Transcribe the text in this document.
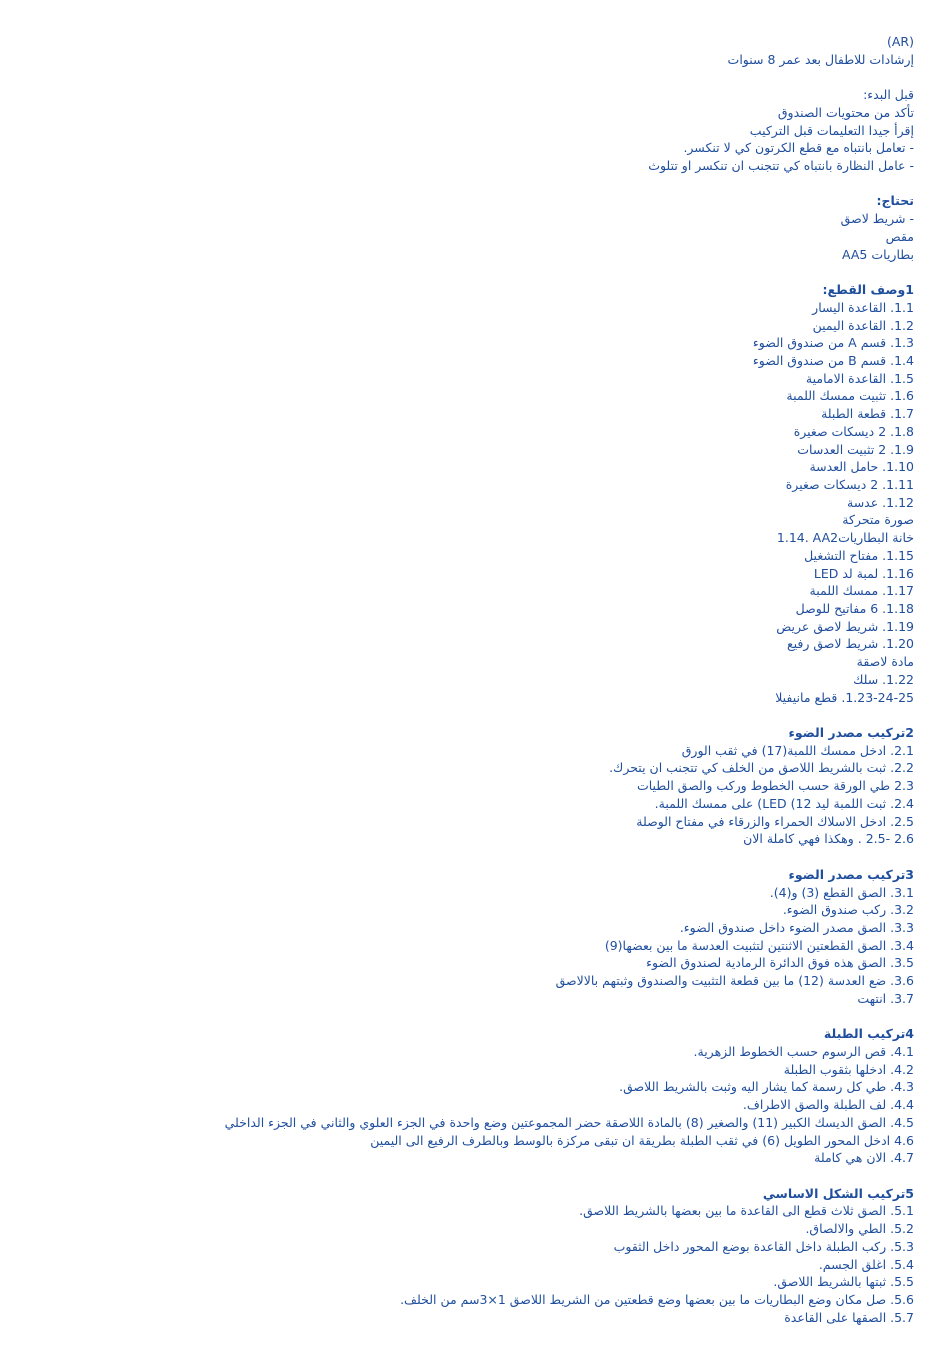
(AR)
إرشادات للاطفال بعد عمر 8 سنوات
قبل البدء:
تأكد من محتويات الصندوق
إقرأ جيدا التعليمات قبل التركيب
- تعامل بانتباه مع قطع الكرتون كي لا تنكسر.
- عامل النظارة بانتباه كي تتجنب ان تنكسر او تتلوث
تحتاج:
- شريط لاصق
مقص
بطاريات AA5
1وصف القطع:
1.1. القاعدة اليسار
1.2. القاعدة اليمين
1.3. قسم A من صندوق الضوء
1.4. قسم B من صندوق الضوء
1.5. القاعدة الامامية
1.6. تثبيت ممسك اللمبة
1.7. قطعة الطبلة
1.8. 2 ديسكات صغيرة
1.9. 2 تثبيت العدسات
1.10. حامل العدسة
1.11. 2 ديسكات صغيرة
1.12. عدسة
صورة متحركة
1.14. AA2خانة البطاريات
1.15. مفتاح التشغيل
1.16. لمبة لد LED
1.17. ممسك اللمبة
1.18. 6 مفاتيح للوصل
1.19. شريط لاصق عريض
1.20. شريط لاصق رفيع
مادة لاصقة
1.22. سلك
1.23-24-25. قطع مانيفيلا
2تركيب مصدر الضوء
2.1. ادخل ممسك اللمبة(17) في ثقب الورق
2.2. ثبت بالشريط اللاصق من الخلف كي تتجنب ان يتحرك.
2.3 طي الورقة حسب الخطوط وركب والصق الطيات
2.4. ثبت اللمبة ليد 12) LED) على ممسك اللمبة.
2.5. ادخل الاسلاك الحمراء والزرقاء في مفتاح الوصلة
2.6 -2.5 . وهكذا فهي كاملة الان
3تركيب مصدر الضوء
3.1. الصق القطع (3) و(4).
3.2. ركب صندوق الضوء.
3.3. الصق مصدر الضوء داخل صندوق الضوء.
3.4. الصق القطعتين الاثنتين لتثبيت العدسة ما بين بعضها(9)
3.5. الصق هذه فوق الدائرة الرمادية لصندوق الضوء
3.6. ضع العدسة (12) ما بين قطعة التثبيت والصندوق وثبتهم بالالاصق
3.7. انتهت
4تركيب الطبلة
4.1. قص الرسوم حسب الخطوط الزهرية.
4.2. ادخلها بثقوب الطبلة
4.3. طي كل رسمة كما يشار اليه وثبت بالشريط اللاصق.
4.4. لف الطبلة والصق الاطراف.
4.5. الصق الديسك الكبير (11) والصغير (8) بالمادة اللاصقة حضر المجموعتين وضع واحدة في الجزء العلوي والثاني في الجزء الداخلي
4.6 ادخل المحور الطويل (6) في ثقب الطبلة بطريقة ان تبقى مركزة بالوسط وبالطرف الرفيع الى اليمين
4.7. الان هي كاملة
5تركيب الشكل الاساسي
5.1. الصق ثلاث قطع الى القاعدة ما بين بعضها بالشريط اللاصق.
5.2. الطي والالصاق.
5.3. ركب الطبلة داخل القاعدة بوضع المحور داخل الثقوب
5.4. اغلق الجسم.
5.5. ثبتها بالشريط اللاصق.
5.6. صل مكان وضع البطاريات ما بين بعضها وضع قطعتين من الشريط اللاصق 1×3سم من الخلف.
5.7. الصقها على القاعدة
